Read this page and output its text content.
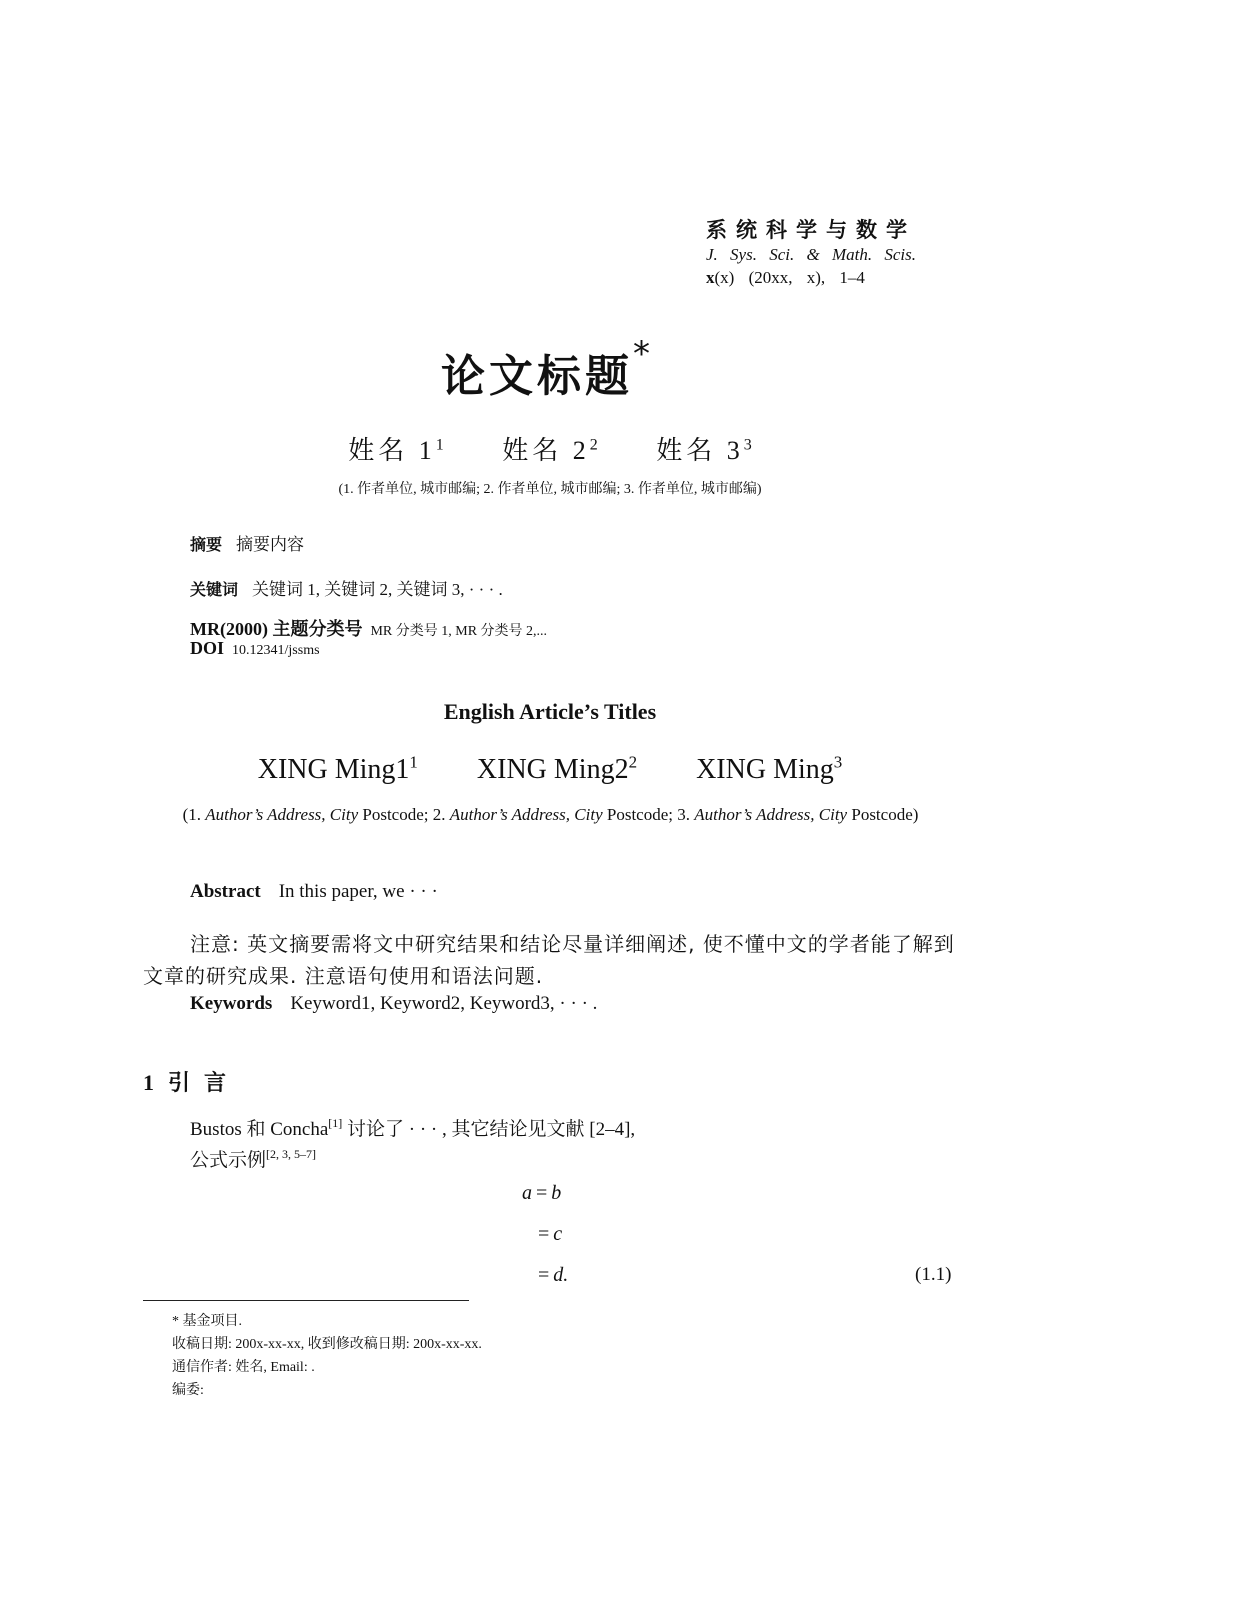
系统科学与数学
J. Sys. Sci. & Math. Scis.
x(x) (20xx, x), 1–4
论文标题*
姓名 $1^1$ 姓名 $2^2$ 姓名 $3^3$
(1. 作者单位, 城市邮编; 2. 作者单位, 城市邮编; 3. 作者单位, 城市邮编)
摘要 摘要内容
关键词 关键词 1, 关键词 2, 关键词 3, · · · .
MR(2000) 主题分类号 MR 分类号 1, MR 分类号 2,...
DOI 10.12341/jssms
English Article’s Titles
XING $Ming1^1$ XING $Ming2^2$ XING Ming$^3$
(1. Author’s Address, City Postcode; 2. Author’s Address, City Postcode; 3. Author’s Address, City Postcode)
Abstract In this paper, we · · ·
注意: 英文摘要需将文中研究结果和结论尽量详细阐述, 使不懂中文的学者能了解到文章的研究成果. 注意语句使用和语法问题.
Keywords Keyword1, Keyword2, Keyword3, · · · .
1 引言
Bustos 和 Concha[1] 讨论了 · · · , 其它结论见文献 [2–4],
公式示例[2, 3, 5–7]
a = b
= c
= d.	(1.1)
* 基金项目.
收稿日期: 200x-xx-xx, 收到修改稿日期: 200x-xx-xx.
通信作者: 姓名, Email: .
编委:
